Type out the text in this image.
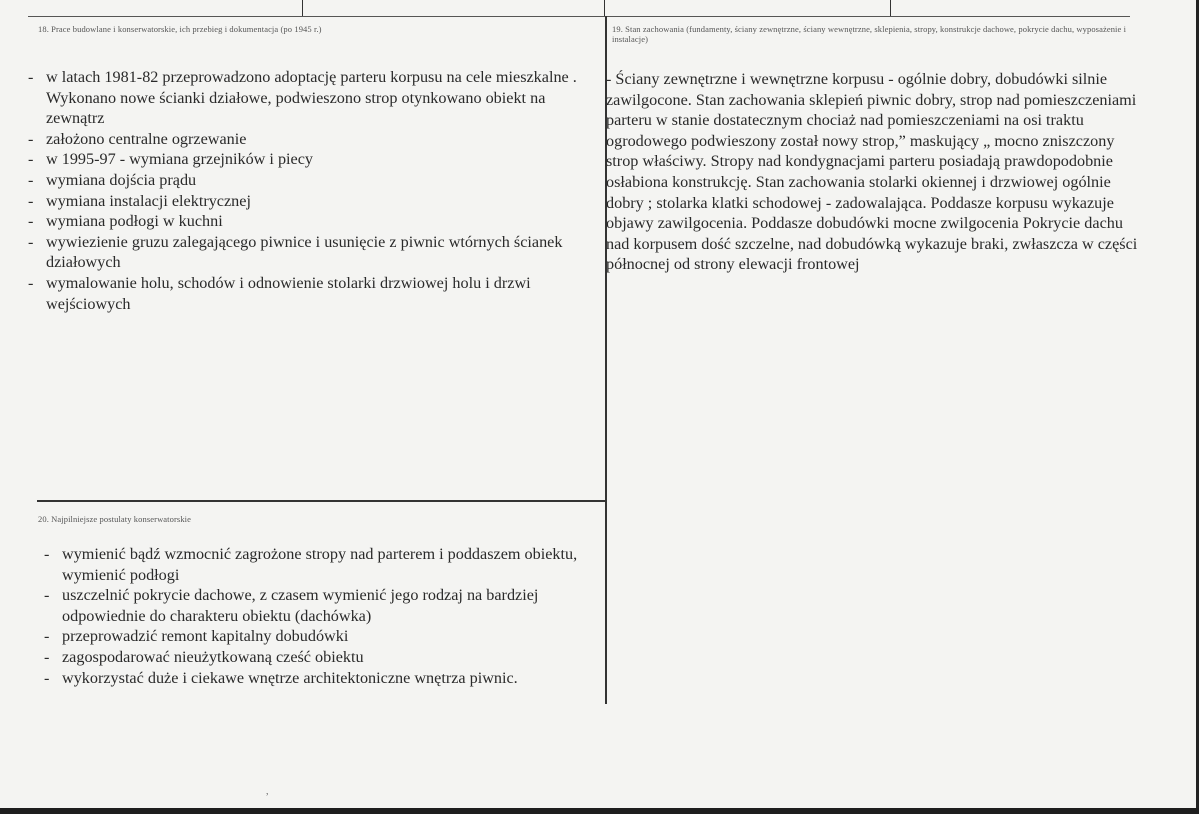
18. Prace budowlane i konserwatorskie, ich przebieg i dokumentacja (po 1945 r.)
- w latach 1981-82 przeprowadzono adoptację parteru korpusu na cele mieszkalne . Wykonano nowe ścianki działowe, podwieszono strop otynkowano obiekt na zewnątrz
- założono centralne ogrzewanie
- w 1995-97 - wymiana grzejników i piecy
- wymiana dojścia prądu
- wymiana instalacji elektrycznej
- wymiana podłogi w kuchni
- wywiezienie gruzu zalegającego piwnice i usunięcie z piwnic wtórnych ścianek działowych
- wymalowanie holu, schodów i odnowienie stolarki drzwiowej holu i drzwi wejściowych
19. Stan zachowania (fundamenty, ściany zewnętrzne, ściany wewnętrzne, sklepienia, stropy, konstrukcje dachowe, pokrycie dachu, wyposażenie i instalacje)

- Ściany zewnętrzne i wewnętrzne korpusu - ogólnie dobry, dobudówki silnie zawilgocone. Stan zachowania sklepień piwnic dobry, strop nad pomieszczeniami parteru w stanie dostatecznym chociaż nad pomieszczeniami na osi traktu ogrodowego podwieszony został nowy strop,” maskujący „ mocno zniszczony strop właściwy. Stropy nad kondygnacjami parteru posiadają prawdopodobnie osłabiona konstrukcję. Stan zachowania stolarki okiennej i drzwiowej ogólnie dobry ; stolarka klatki schodowej - zadowalająca. Poddasze korpusu wykazuje objawy zawilgocenia. Poddasze dobudówki mocne zwilgocenia Pokrycie dachu nad korpusem dość szczelne, nad dobudówką wykazuje braki, zwłaszcza w części północnej od strony elewacji frontowej

20. Najpilniejsze postulaty konserwatorskie
- wymienić bądź wzmocnić zagrożone stropy nad parterem i poddaszem obiektu, wymienić podłogi
- uszczelnić pokrycie dachowe, z czasem wymienić jego rodzaj na bardziej odpowiednie do charakteru obiektu (dachówka)
- przeprowadzić remont kapitalny dobudówki
- zagospodarować nieużytkowaną cześć obiektu
- wykorzystać duże i ciekawe wnętrze architektoniczne wnętrza piwnic.
,
